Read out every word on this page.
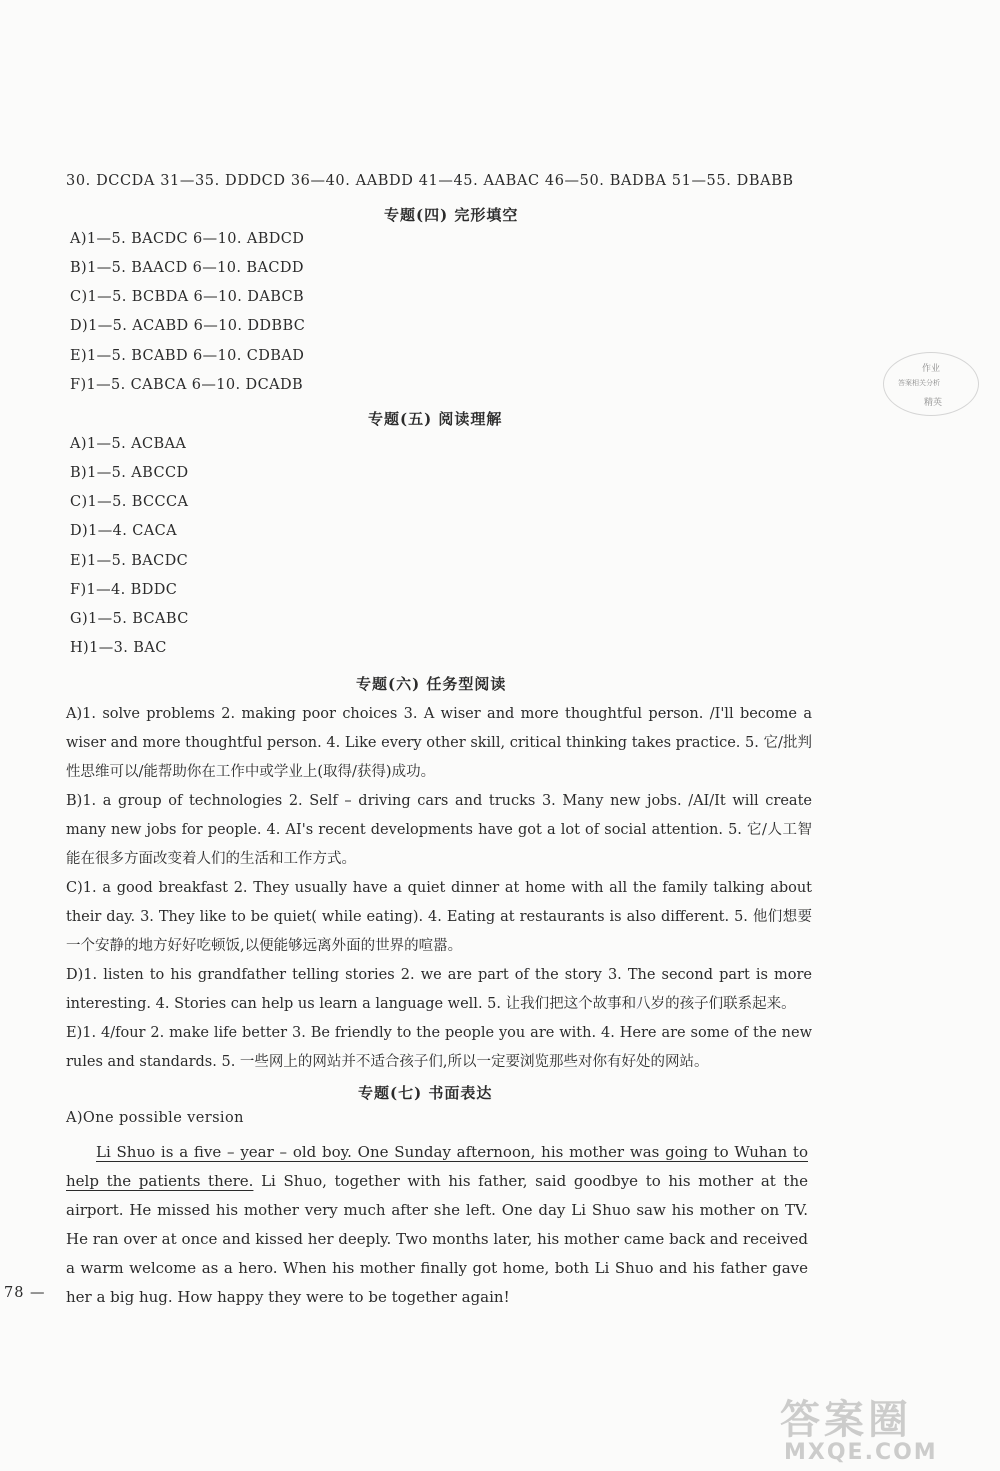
30. DCCDA 31—35. DDDCD 36—40. AABDD 41—45. AABAC 46—50. BADBA 51—55. DBABB
专题(四) 完形填空
A)1—5. BACDC 6—10. ABDCD
B)1—5. BAACD 6—10. BACDD
C)1—5. BCBDA 6—10. DABCB
D)1—5. ACABD 6—10. DDBBC
E)1—5. BCABD 6—10. CDBAD
F)1—5. CABCA 6—10. DCADB
作业
答案相关分析
精英
专题(五) 阅读理解
A)1—5. ACBAA
B)1—5. ABCCD
C)1—5. BCCCA
D)1—4. CACA
E)1—5. BACDC
F)1—4. BDDC
G)1—5. BCABC
H)1—3. BAC
专题(六) 任务型阅读
A)1. solve problems 2. making poor choices 3. A wiser and more thoughtful person. /I'll become a wiser and more thoughtful person. 4. Like every other skill, critical thinking takes practice. 5. 它/批判性思维可以/能帮助你在工作中或学业上(取得/获得)成功。
B)1. a group of technologies 2. Self – driving cars and trucks 3. Many new jobs. /AI/It will create many new jobs for people. 4. AI's recent developments have got a lot of social attention. 5. 它/人工智能在很多方面改变着人们的生活和工作方式。
C)1. a good breakfast 2. They usually have a quiet dinner at home with all the family talking about their day. 3. They like to be quiet( while eating). 4. Eating at restaurants is also different. 5. 他们想要一个安静的地方好好吃顿饭,以便能够远离外面的世界的喧嚣。
D)1. listen to his grandfather telling stories 2. we are part of the story 3. The second part is more interesting. 4. Stories can help us learn a language well. 5. 让我们把这个故事和八岁的孩子们联系起来。
E)1. 4/four 2. make life better 3. Be friendly to the people you are with. 4. Here are some of the new rules and standards. 5. 一些网上的网站并不适合孩子们,所以一定要浏览那些对你有好处的网站。
专题(七) 书面表达
A)One possible version
Li Shuo is a five – year – old boy. One Sunday afternoon, his mother was going to Wuhan to help the patients there. Li Shuo, together with his father, said goodbye to his mother at the airport. He missed his mother very much after she left. One day Li Shuo saw his mother on TV. He ran over at once and kissed her deeply. Two months later, his mother came back and received a warm welcome as a hero. When his mother finally got home, both Li Shuo and his father gave her a big hug. How happy they were to be together again!
78 —
答案圈
MXQE.COM
